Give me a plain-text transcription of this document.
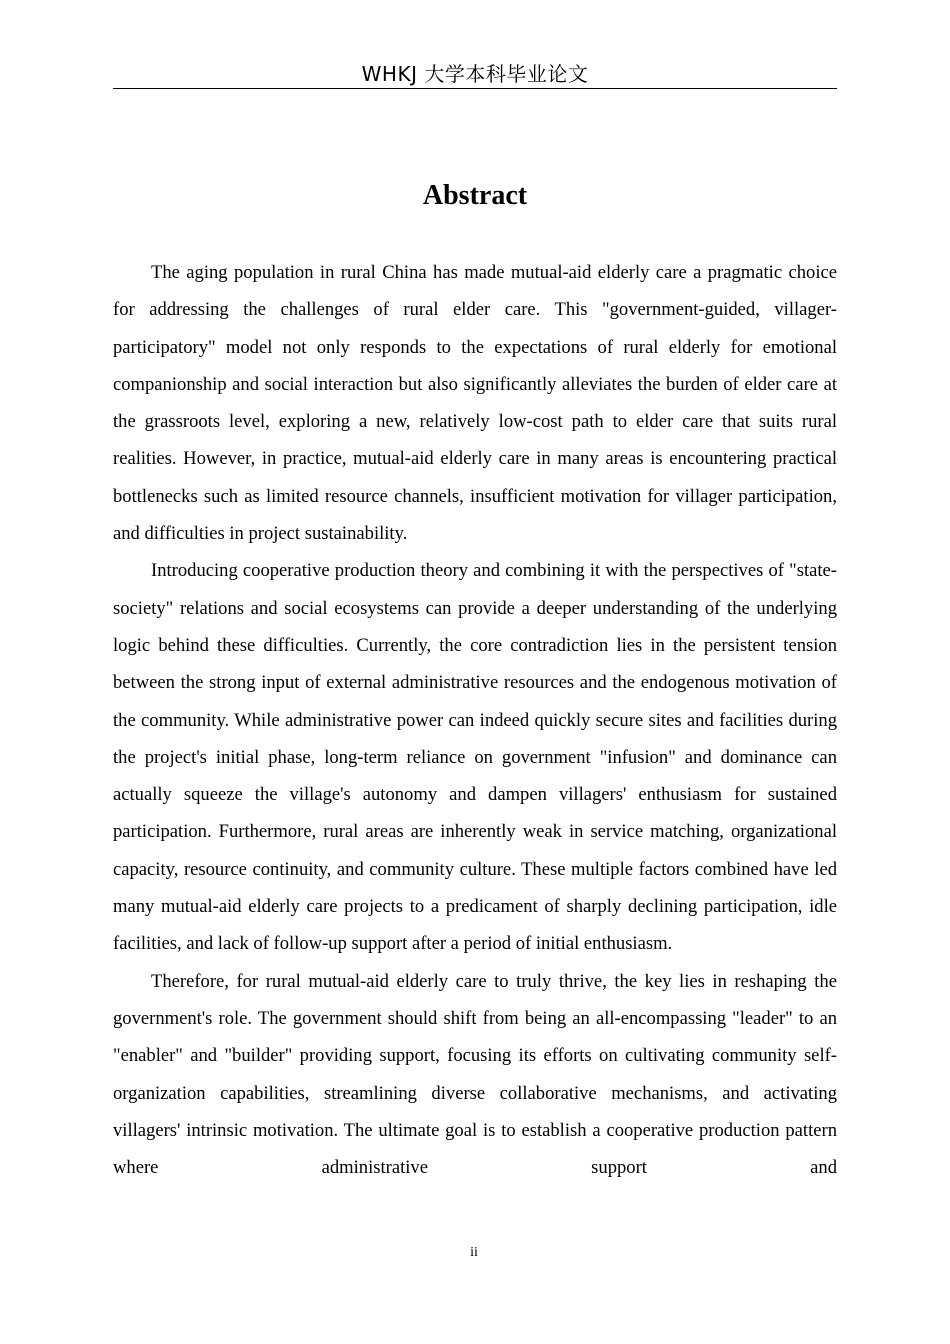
WHKJ 大学本科毕业论文
Abstract

The aging population in rural China has made mutual-aid elderly care a pragmatic choice for addressing the challenges of rural elder care. This "government-guided, villager-participatory" model not only responds to the expectations of rural elderly for emotional companionship and social interaction but also significantly alleviates the burden of elder care at the grassroots level, exploring a new, relatively low-cost path to elder care that suits rural realities. However, in practice, mutual-aid elderly care in many areas is encountering practical bottlenecks such as limited resource channels, insufficient motivation for villager participation, and difficulties in project sustainability.

Introducing cooperative production theory and combining it with the perspectives of "state-society" relations and social ecosystems can provide a deeper understanding of the underlying logic behind these difficulties. Currently, the core contradiction lies in the persistent tension between the strong input of external administrative resources and the endogenous motivation of the community. While administrative power can indeed quickly secure sites and facilities during the project's initial phase, long-term reliance on government "infusion" and dominance can actually squeeze the village's autonomy and dampen villagers' enthusiasm for sustained participation. Furthermore, rural areas are inherently weak in service matching, organizational capacity, resource continuity, and community culture. These multiple factors combined have led many mutual-aid elderly care projects to a predicament of sharply declining participation, idle facilities, and lack of follow-up support after a period of initial enthusiasm.

Therefore, for rural mutual-aid elderly care to truly thrive, the key lies in reshaping the government's role. The government should shift from being an all-encompassing "leader" to an "enabler" and "builder" providing support, focusing its efforts on cultivating community self-organization capabilities, streamlining diverse collaborative mechanisms, and activating villagers' intrinsic motivation. The ultimate goal is to establish a cooperative production pattern where administrative support and

ii
